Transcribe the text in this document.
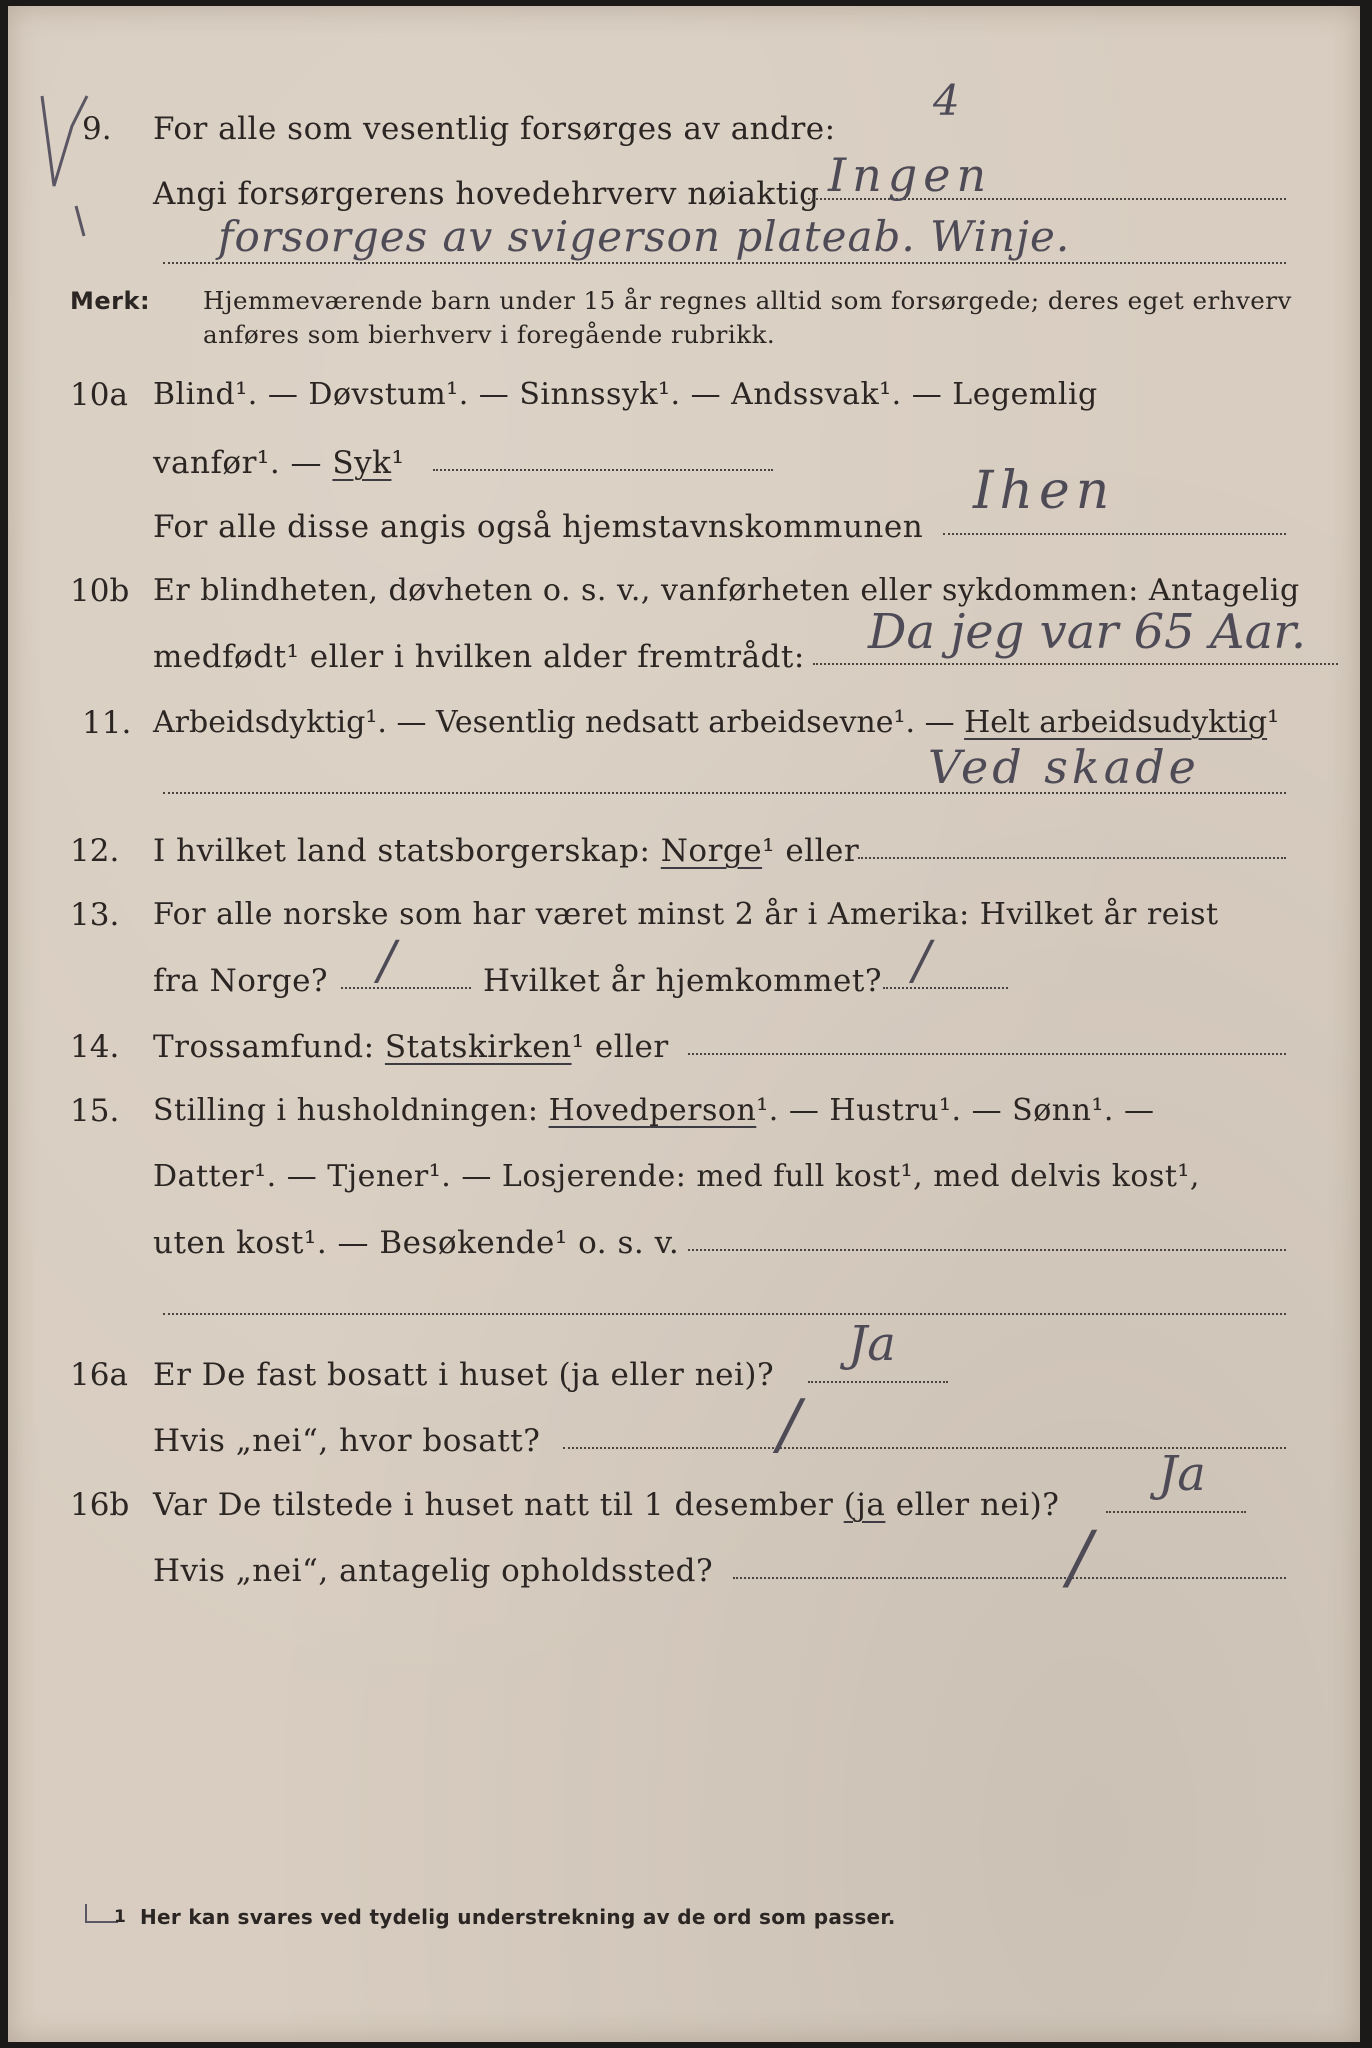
9. For alle som vesentlig forsørges av andre:
4
Angi forsørgerens hovedehrverv nøiaktig Ingen
forsorges av svigerson plateab. Winje.
Merk: Hjemmeværende barn under 15 år regnes alltid som forsørgede; deres eget erhverv
anføres som bierhverv i foregående rubrikk.
10a Blind¹. — Døvstum¹. — Sinnssyk¹. — Andssvak¹. — Legemlig
vanfør¹. — Syk¹
For alle disse angis også hjemstavnskommunen
Ihen
10b Er blindheten, døvheten o. s. v., vanførheten eller sykdommen: Antagelig
medfødt¹ eller i hvilken alder fremtrådt: Da jeg var 65 Aar.
11. Arbeidsdyktig¹. — Vesentlig nedsatt arbeidsevne¹. — Helt arbeidsudyktig¹
Ved skade
12. I hvilket land statsborgerskap: Norge¹ eller
13. For alle norske som har været minst 2 år i Amerika: Hvilket år reist
fra Norge? /	Hvilket år hjemkommet? /
14. Trossamfund: Statskirken¹ eller
15. Stilling i husholdningen: Hovedperson¹. — Hustru¹. — Sønn¹. —
Datter¹. — Tjener¹. — Losjerende: med full kost¹, med delvis kost¹,
uten kost¹. — Besøkende¹ o. s. v.
16a Er De fast bosatt i huset (ja eller nei)?
Ja
Hvis „nei“, hvor bosatt?	/
16b Var De tilstede i huset natt til 1 desember (ja eller nei)?
Ja
Hvis „nei“, antagelig opholdssted?	/
1 Her kan svares ved tydelig understrekning av de ord som passer.
